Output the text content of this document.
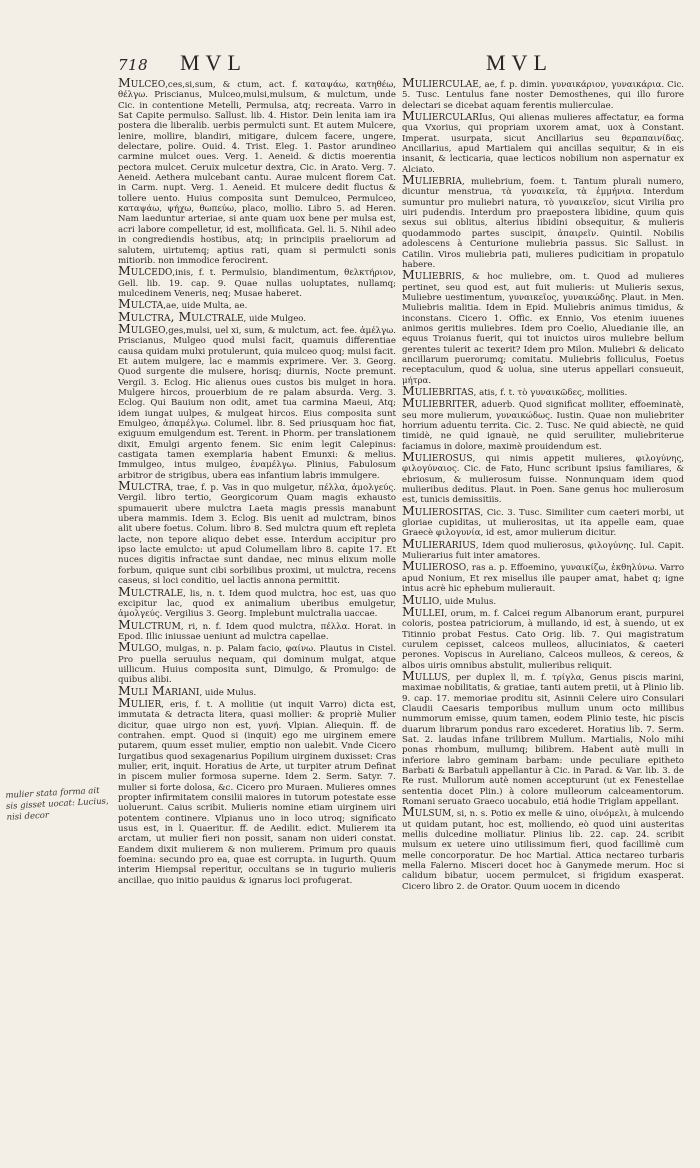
718 MVL	MVL

Mulceo,ces,si,sum, & ctum, act. f. καταψάω, κατηθέω, θέλγω. Priscianus, Mulceo,mulsi,mulsum, & mulctum, unde Cic. in contentione Metelli, Permulsa, atq; recreata. Varro in Sat Capite permulso. Sallust. lib. 4. Histor. Dein lenita iam ira postera die liberalib. uerbis permulcti sunt. Et autem Mulcere, lenire, mollire, blandiri, mitigare, dulcem facere, ungere, delectare, polire. Ouid. 4. Trist. Eleg. 1. Pastor arundineo carmine mulcet oues. Verg. 1. Aeneid. & dictis moerentia pectora mulcet. Ceruix mulcetur dextra, Cic. in Arato. Verg. 7. Aeneid. Aethera mulcebant cantu. Aurae mulcent florem Cat. in Carm. nupt. Verg. 1. Aeneid. Et mulcere dedit fluctus & tollere uento. Huius composita sunt Demulceo, Permulceo, καταψάω, ψήχω, θωπεύω, placo, mollio. Libro 5. ad Heren. Nam laeduntur arteriae, si ante quam uox bene per mulsa est, acri labore compelletur, id est, mollificata. Gel. li. 5. Nihil adeo in congrediendis hostibus, atq; in principiis praeliorum ad salutem, uirtutemq; aptius rati, quam si permulcti sonis mitiorib. non immodice ferocirent.

Mulcedo,inis, f. t. Permulsio, blandimentum, θελκτήριον, Gell. lib. 19. cap. 9. Quae nullas uoluptates, nullamq; mulcedinem Veneris, neq; Musae haberet.

Mulcta,ae, uide Multa, ae.

Mulctra, Mulctrale, uide Mulgeo.

Mulgeo,ges,mulsi, uel xi, sum, & mulctum, act. fee. ἀμέλγω. Priscianus, Mulgeo quod mulsi facit, quamuis differentiae causa quidam mulxi protulerunt, quia mulceo quoq; mulsi facit. Et autem mulgere, lac e mammis exprimere. Ver. 3. Georg. Quod surgente die mulsere, horisq; diurnis, Nocte premunt. Vergil. 3. Eclog. Hic alienus oues custos bis mulget in hora. Mulgere hircos, prouerbium de re palam absurda. Verg. 3. Eclog. Qui Bauium non odit, amet tua carmina Maeui, Atq; idem iungat uulpes, & mulgeat hircos. Eius composita sunt Emulgeo, ἀπαμέλγω. Columel. libr. 8. Sed priusquam hoc fiat, exiguum emulgendum est. Terent. in Phorm. per translationem dixit, Emulgi argento fenem. Sic enim legit Calepinus: castigata tamen exemplaria habent Emunxi: & melius. Immulgeo, intus mulgeo, ἐναμέλγω. Plinius, Fabulosum arbitror de strigibus, ubera eas infantium labris immulgere.

Mulctra, trae, f. p. Vas in quo mulgetur, πέλλα, ἀμολγεύς. Vergil. libro tertio, Georgicorum Quam magis exhausto spumauerit ubere mulctra Laeta magis pressis manabunt ubera mammis. Idem 3. Eclog. Bis uenit ad mulctram, binos alit ubere foetus. Colum. libro 8. Sed mulctra quum eft repleta lacte, non tepore aliquo debet esse. Interdum accipitur pro ipso lacte emulcto: ut apud Columellam libro 8. capite 17. Et nuces digitis infractae sunt dandae, nec minus elixum molle forbum, quique sunt cibi sorbilibus proximi, ut mulctra, recens caseus, si loci conditio, uel lactis annona permittit.

Mulctrale, lis, n. t. Idem quod mulctra, hoc est, uas quo excipitur lac, quod ex animalium uberibus emulgetur, ἀμολγεύς. Vergilius 3. Georg. Implebunt mulctralia uaccae.

Mulctrum, ri, n. f. Idem quod mulctra, πέλλα. Horat. in Epod. Illic iniussae ueniunt ad mulctra capellae.

Mulgo, mulgas, n. p. Palam facio, φαίνω. Plautus in Cistel. Pro puella seruulus nequam, qui dominum mulgat, atque uillicum. Huius composita sunt, Dimulgo, & Promulgo: de quibus alibi.

Muli Mariani, uide Mulus.

Mulier, eris, f. t. A mollitie (ut inquit Varro) dicta est, immutata & detracta litera, quasi mollier: & propriè Mulier dicitur, quae uirgo non est, γυνή. Vlpian. Aliequin. ff. de contrahen. empt. Quod si (inquit) ego me uirginem emere putarem, quum esset mulier, emptio non ualebit. Vnde Cicero Iurgatibus quod sexagenarius Popilium uirginem duxisset: Cras mulier, erit, inquit. Horatius de Arte, ut turpiter atrum Definat in piscem mulier formosa superne. Idem 2. Serm. Satyr. 7. mulier si forte dolosa, &c. Cicero pro Muraen. Mulieres omnes propter infirmitatem consilii maiores in tutorum potestate esse uoluerunt. Caius scribit. Mulieris nomine etiam uirginem uiri potentem continere. Vlpianus uno in loco utroq; significato usus est, in l. Quaeritur. ff. de Aedilit. edict. Mulierem ita arctam, ut mulier fieri non possit, sanam non uideri constat. Eandem dixit mulierem & non mulierem. Primum pro quauis foemina: secundo pro ea, quae est corrupta. in Iugurth. Quum interim Hiempsal reperitur, occultans se in tugurio mulieris ancillae, quo initio pauidus & ignarus loci profugerat.

Mulierculae, ae, f. p. dimin. γυναικάριον, γυναικάρια. Cic. 5. Tusc. Lentulus fane noster Demosthenes, qui illo furore delectari se dicebat aquam ferentis mulierculae.

Muliercularius, Qui alienas mulieres affectatur, ea forma qua Vxorius, qui propriam uxorem amat, uox à Constant. Imperat. usurpata, sicut Ancillarius seu θεραπαινίδας. Ancillarius, apud Martialem qui ancillas sequitur, & in eis insanit, & lecticaria, quae lecticos nobilium non aspernatur ex Alciato.

Muliebria, muliebrium, foem. t. Tantum plurali numero, dicuntur menstrua, τὰ γυναικεῖα, τὰ ἐμμήνια. Interdum sumuntur pro muliebri natura, τὸ γυναικεῖον, sicut Virilia pro uiri pudendis. Interdum pro praepostera libidine, quum quis sexus sui oblitus, alterius libidini obsequitur, & mulieris quodammodo partes suscipit, ἀπαιρεῖν. Quintil. Nobilis adolescens à Centurione muliebria passus. Sic Sallust. in Catilin. Viros muliebria pati, mulieres pudicitiam in propatulo habere.

Muliebris, & hoc muliebre, om. t. Quod ad mulieres pertinet, seu quod est, aut fuit mulieris: ut Mulieris sexus, Muliebre uestimentum, γυναικεῖος, γυναικώδης. Plaut. in Men. Muliebris malitia. Idem in Epid. Muliebris animus timidus, & inconstans. Cicero 1. Offic. ex Ennio, Vos etenim iuuenes animos geritis muliebres. Idem pro Coelio, Aluedianie ille, an equus Troianus fuerit, qui tot inuictos uiros muliebre bellum gerentes tulerit ac texerit? Idem pro Milon. Muliebri & delicato ancillarum puerorumq; comitatu. Muliebris folliculus, Foetus receptaculum, quod & uolua, sine uterus appellari consueuit, μήτρα.

Muliebritas, atis, f. t. τὸ γυναικῶδες, mollities.

Muliebriter, aduerb. Quod significat molliter, effoeminatè, seu more mulierum, γυναικώδως. Iustin. Quae non muliebriter horrium aduentu territa. Cic. 2. Tusc. Ne quid abiectè, ne quid timidè, ne quid ignauè, ne quid seruiliter, muliebriterue faciamus in dolore, maximè prouidendum est.

Mulierosus, qui nimis appetit mulieres, φιλογύνης, φιλογύναιος. Cic. de Fato, Hunc scribunt ipsius familiares, & ebriosum, & mulierosum fuisse. Nonnunquam idem quod mulieribus deditus. Plaut. in Poen. Sane genus hoc mulierosum est, tunicis demissitiis.

Mulierositas, Cic. 3. Tusc. Similiter cum caeteri morbi, ut gloriae cupiditas, ut mulierositas, ut ita appelle eam, quae Graecè φιλογυνία, id est, amor mulierum dicitur.

Mulierarius, Idem quod mulierosus, φιλογύνης. Iul. Capit. Mulierarius fuit inter amatores.

Mulieroso, ras a. p. Effoemino, γυναικίζω, ἐκθηλύνω. Varro apud Nonium, Et rex misellus ille pauper amat, habet q; igne intus acrè hic ephebum mulierauit.

Mulio, uide Mulus.

Mullei, orum, m. f. Calcei regum Albanorum erant, purpurei coloris, postea patriciorum, à mullando, id est, à suendo, ut ex Titinnio probat Festus. Cato Orig. lib. 7. Qui magistratum curulem cepisset, calceos mulleos, alluciniatos, & caeteri perones. Vopiscus in Aureliano, Calceos mulleos, & cereos, & albos uiris omnibus abstulit, mulieribus reliquit.

Mullus, per duplex ll, m. f. τρίγλα, Genus piscis marini, maximae nobilitatis, & gratiae, tanti autem pretii, ut à Plinio lib. 9. cap. 17. memoriae proditu sit, Asinnii Celere uiro Consulari Claudii Caesaris temporibus mullum unum octo millibus nummorum emisse, quum tamen, eodem Plinio teste, hic piscis duarum librarum pondus raro excederet. Horatius lib. 7. Serm. Sat. 2. laudas infane trilibrem Mullum. Martialis, Nolo mihi ponas rhombum, mullumq; bilibrem. Habent autè mulli in inferiore labro geminam barbam: unde peculiare epitheto Barbati & Barbatuli appellantur à Cic. in Parad. & Var. lib. 3. de Re rust. Mullorum autè nomen accepturunt (ut ex Fenestellae sententia docet Plin.) à colore mulleorum calceamentorum. Romani seruato Graeco uocabulo, etiá hodie Triglam appellant.

Mulsum, si, n. s. Potio ex melle & uino, οἰνόμελι, à mulcendo ut quidam putant, hoc est, molliendo, eò quod uini austeritas mellis dulcedine molliatur. Plinius lib. 22. cap. 24. scribit mulsum ex uetere uino utilissimum fieri, quod facillimè cum melle concorporatur. De hoc Martial. Attica nectareo turbaris mella Falerno. Misceri docet hoc à Ganymede merum. Hoc si calidum bibatur, uocem permulcet, si frigidum exasperat. Cicero libro 2. de Orator. Quum uocem in dicendo

mulier stata forma ait sis gisset uocat: Lucius, nisi decor
